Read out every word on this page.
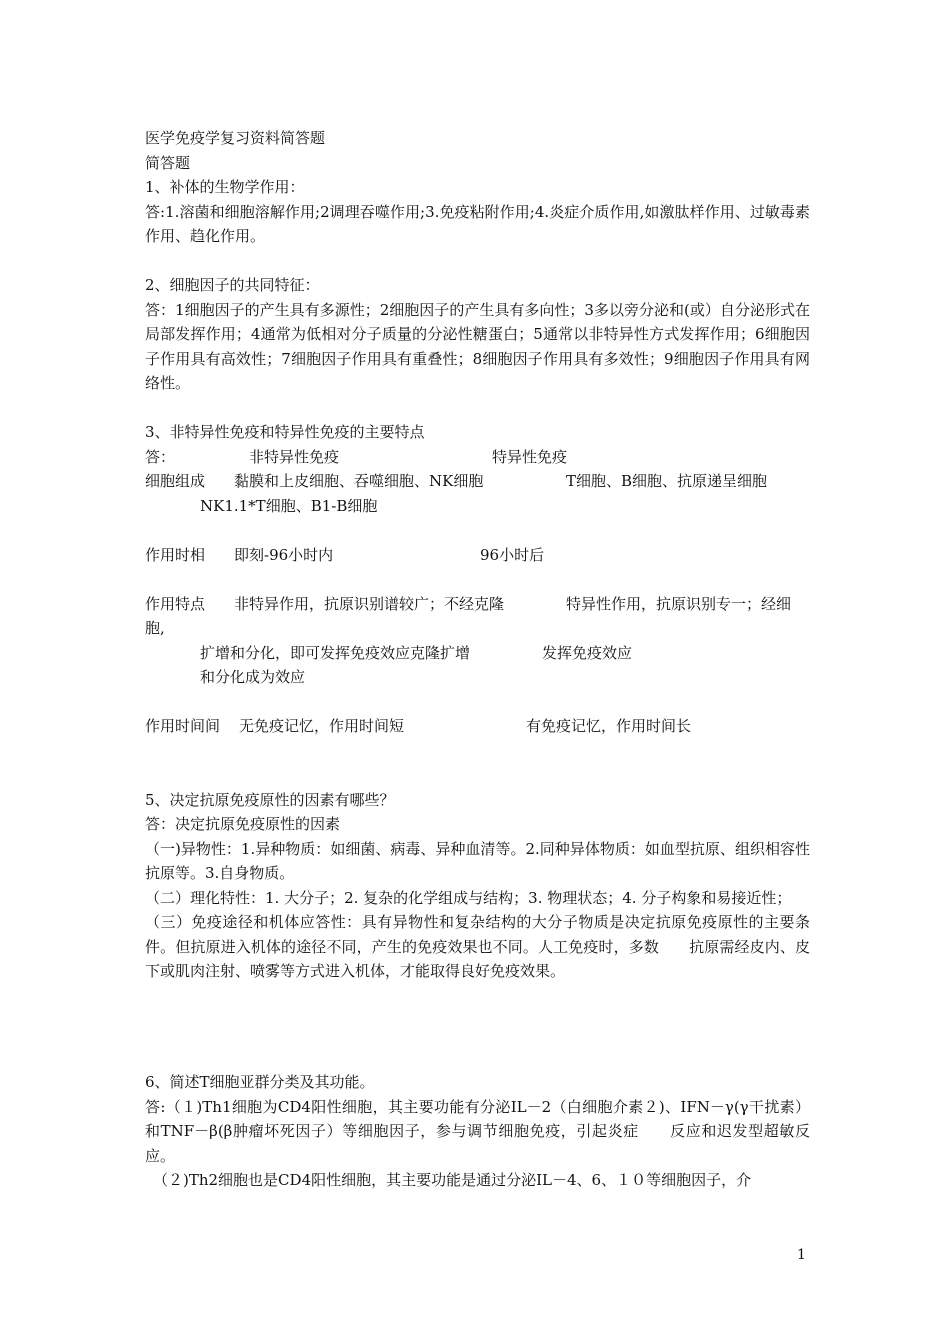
医学免疫学复习资料简答题
简答题
1、补体的生物学作用：
答:1.溶菌和细胞溶解作用;2调理吞噬作用;3.免疫粘附作用;4.炎症介质作用,如激肽样作用、过敏毒素作用、趋化作用。
2、细胞因子的共同特征：
答：1细胞因子的产生具有多源性；2细胞因子的产生具有多向性；3多以旁分泌和(或）自分泌形式在局部发挥作用；4通常为低相对分子质量的分泌性糖蛋白；5通常以非特异性方式发挥作用；6细胞因子作用具有高效性；7细胞因子作用具有重叠性；8细胞因子作用具有多效性；9细胞因子作用具有网络性。
3、非特异性免疫和特异性免疫的主要特点
答：	非特异性免疫	特异性免疫
细胞组成 黏膜和上皮细胞、吞噬细胞、NK细胞	T细胞、B细胞、抗原递呈细胞
NK1.1*T细胞、B1-B细胞
作用时相 即刻-96小时内	96小时后
作用特点 非特异作用，抗原识别谱较广；不经克隆	特异性作用，抗原识别专一；经细
胞,
扩增和分化，即可发挥免疫效应克隆扩增	发挥免疫效应
和分化成为效应
作用时间间 无免疫记忆，作用时间短	有免疫记忆，作用时间长
5、决定抗原免疫原性的因素有哪些？
答：决定抗原免疫原性的因素
（一)异物性：1.异种物质：如细菌、病毒、异种血清等。2.同种异体物质：如血型抗原、组织相容性抗原等。3.自身物质。
（二）理化特性：1. 大分子；2. 复杂的化学组成与结构；3. 物理状态；4. 分子构象和易接近性；
（三）免疫途径和机体应答性：具有异物性和复杂结构的大分子物质是决定抗原免疫原性的主要条件。但抗原进入机体的途径不同，产生的免疫效果也不同。人工免疫时，多数　　抗原需经皮内、皮下或肌肉注射、喷雾等方式进入机体，才能取得良好免疫效果。
6、简述T细胞亚群分类及其功能。
答:（１)Th1细胞为CD4阳性细胞，其主要功能有分泌IL－2（白细胞介素２)、IFN－γ(γ干扰素）和TNF－β(β肿瘤坏死因子）等细胞因子，参与调节细胞免疫，引起炎症　　反应和迟发型超敏反应。
（２)Th2细胞也是CD4阳性细胞，其主要功能是通过分泌IL－4、6、１０等细胞因子，介
1
